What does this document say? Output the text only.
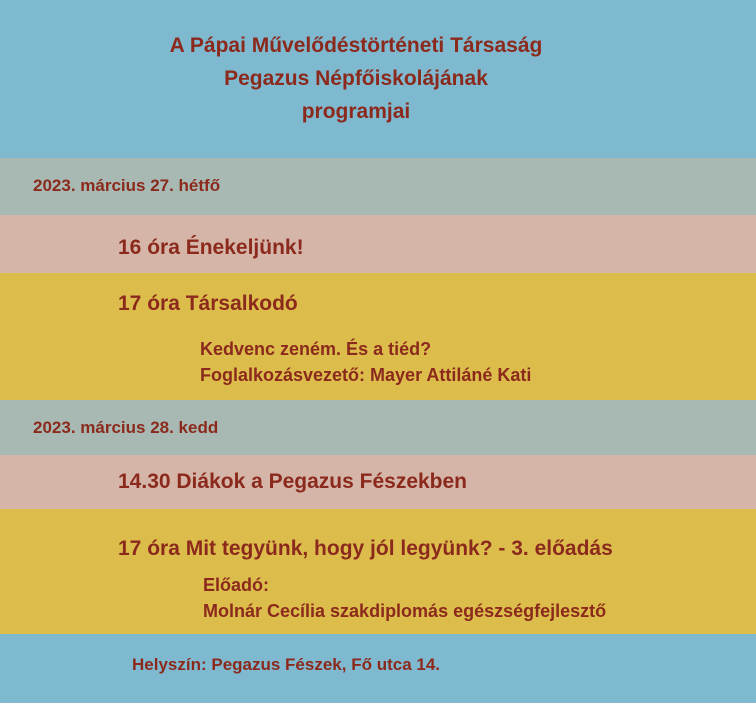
A Pápai Művelődéstörténeti Társaság
Pegazus Népfőiskolájának
programjai
2023. március 27. hétfő
16 óra Énekeljünk!
17 óra Társalkodó
Kedvenc zeném. És a tiéd?
Foglalkozásvezető: Mayer Attiláné Kati
2023. március 28. kedd
14.30 Diákok a Pegazus Fészekben
17 óra Mit tegyünk, hogy jól legyünk? - 3. előadás
Előadó:
Molnár Cecília szakdiplomás egészségfejlesztő
Helyszín: Pegazus Fészek, Fő utca 14.
